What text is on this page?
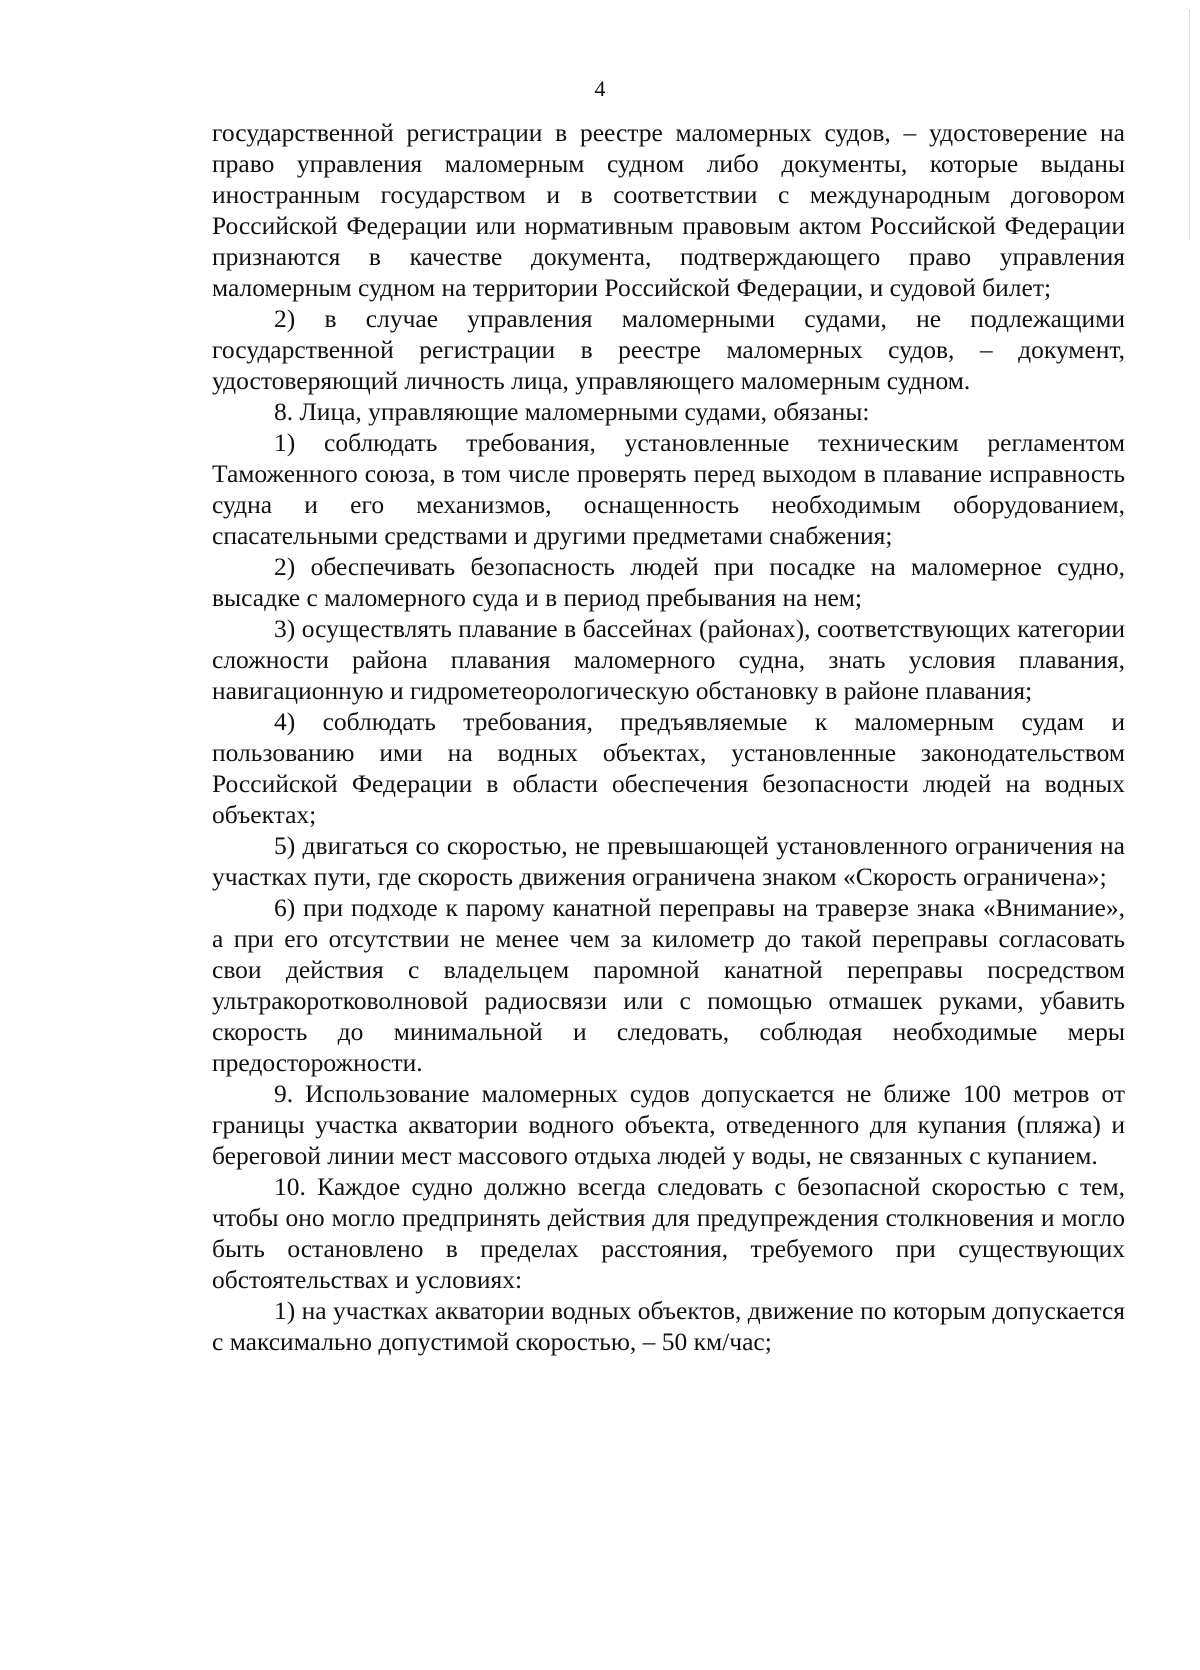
4

государственной регистрации в реестре маломерных судов, – удостоверение на право управления маломерным судном либо документы, которые выданы иностранным государством и в соответствии с международным договором Российской Федерации или нормативным правовым актом Российской Федерации признаются в качестве документа, подтверждающего право управления маломерным судном на территории Российской Федерации, и судовой билет;

2) в случае управления маломерными судами, не подлежащими государственной регистрации в реестре маломерных судов, – документ, удостоверяющий личность лица, управляющего маломерным судном.

8. Лица, управляющие маломерными судами, обязаны:

1) соблюдать требования, установленные техническим регламентом Таможенного союза, в том числе проверять перед выходом в плавание исправность судна и его механизмов, оснащенность необходимым оборудованием, спасательными средствами и другими предметами снабжения;

2) обеспечивать безопасность людей при посадке на маломерное судно, высадке с маломерного суда и в период пребывания на нем;

3) осуществлять плавание в бассейнах (районах), соответствующих категории сложности района плавания маломерного судна, знать условия плавания, навигационную и гидрометеорологическую обстановку в районе плавания;

4) соблюдать требования, предъявляемые к маломерным судам и пользованию ими на водных объектах, установленные законодательством Российской Федерации в области обеспечения безопасности людей на водных объектах;

5) двигаться со скоростью, не превышающей установленного ограничения на участках пути, где скорость движения ограничена знаком «Скорость ограничена»;

6) при подходе к парому канатной переправы на траверзе знака «Внимание», а при его отсутствии не менее чем за километр до такой переправы согласовать свои действия с владельцем паромной канатной переправы посредством ультракоротковолновой радиосвязи или с помощью отмашек руками, убавить скорость до минимальной и следовать, соблюдая необходимые меры предосторожности.

9. Использование маломерных судов допускается не ближе 100 метров от границы участка акватории водного объекта, отведенного для купания (пляжа) и береговой линии мест массового отдыха людей у воды, не связанных с купанием.

10. Каждое судно должно всегда следовать с безопасной скоростью с тем, чтобы оно могло предпринять действия для предупреждения столкновения и могло быть остановлено в пределах расстояния, требуемого при существующих обстоятельствах и условиях:

1) на участках акватории водных объектов, движение по которым допускается с максимально допустимой скоростью, – 50 км/час;
